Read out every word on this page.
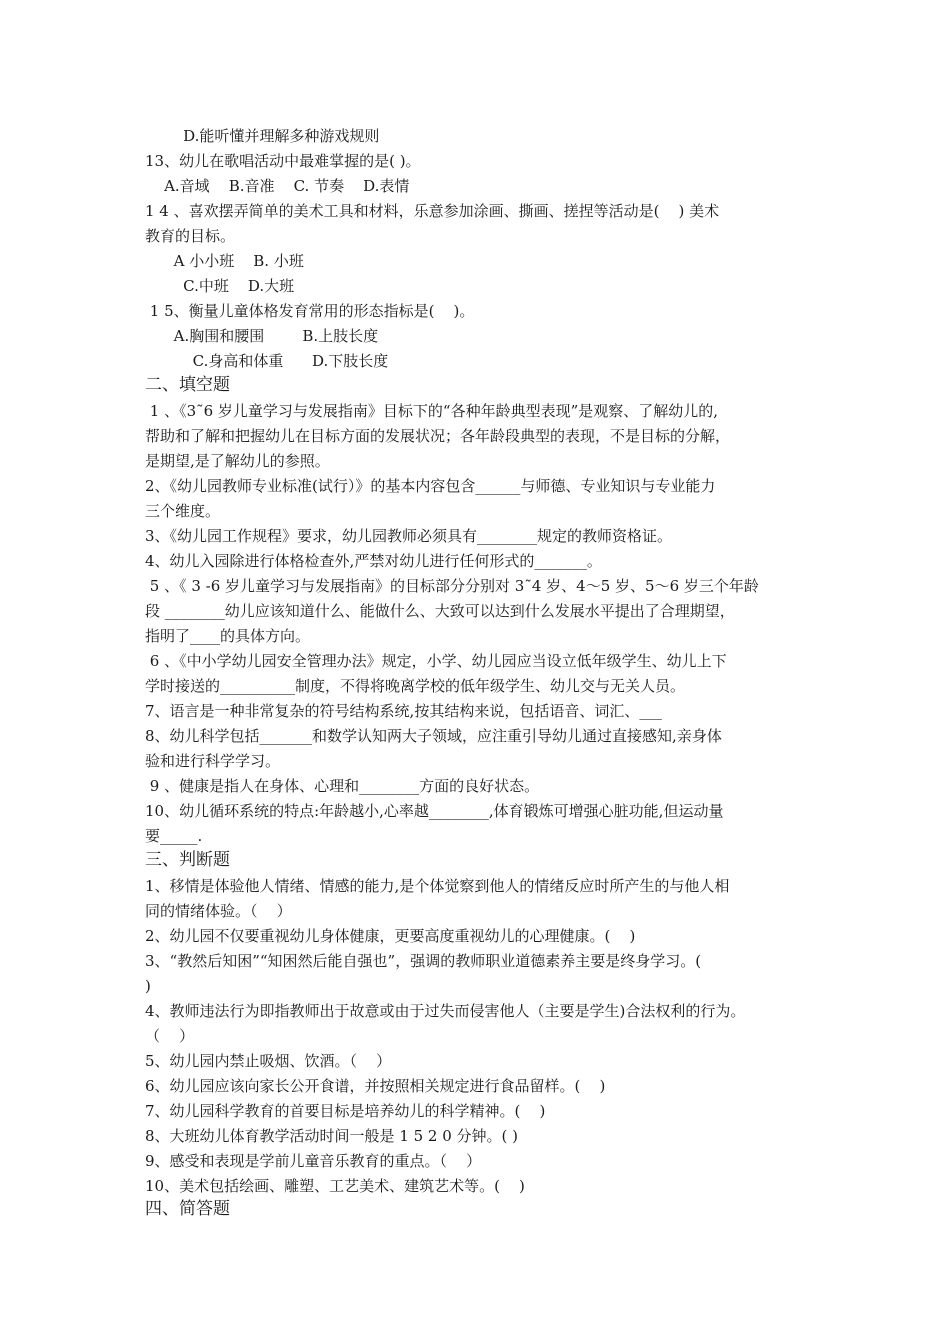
D.能听懂并理解多种游戏规则
13、幼儿在歌唱活动中最难掌握的是( )。
A.音域    B.音准    C. 节奏    D.表情
1 4 、喜欢摆弄简单的美术工具和材料，乐意参加涂画、撕画、搓捏等活动是(    ) 美术
教育的目标。
A 小小班    B. 小班
C.中班    D.大班
1 5、衡量儿童体格发育常用的形态指标是(    )。
A.胸围和腰围        B.上肢长度
C.身高和体重      D.下肢长度
二、填空题
1 、《3˜6 岁儿童学习与发展指南》目标下的“各种年龄典型表现”是观察、了解幼儿的,
帮助和了解和把握幼儿在目标方面的发展状况；各年龄段典型的表现，不是目标的分解，
是期望,是了解幼儿的参照。
2、《幼儿园教师专业标准(试行）》的基本内容包含______与师德、专业知识与专业能力
三个维度。
3、《幼儿园工作规程》要求，幼儿园教师必须具有________规定的教师资格证。
4、幼儿入园除进行体格检查外,严禁对幼儿进行任何形式的_______。
5 、《 3 -6 岁儿童学习与发展指南》的目标部分分别对 3˜4 岁、4～5 岁、5～6 岁三个年龄
段 ________幼儿应该知道什么、能做什么、大致可以达到什么发展水平提出了合理期望，
指明了____的具体方向。
6 、《中小学幼儿园安全管理办法》规定，小学、幼儿园应当设立低年级学生、幼儿上下
学时接送的__________制度，不得将晚离学校的低年级学生、幼儿交与无关人员。
7、语言是一种非常复杂的符号结构系统,按其结构来说，包括语音、词汇、___
8、幼儿科学包括_______和数学认知两大子领域，应注重引导幼儿通过直接感知,亲身体
验和进行科学学习。
9 、健康是指人在身体、心理和________方面的良好状态。
10、幼儿循环系统的特点:年龄越小,心率越________,体育锻炼可增强心脏功能,但运动量
要_____.
三、判断题
1、移情是体验他人情绪、情感的能力,是个体觉察到他人的情绪反应时所产生的与他人相
同的情绪体验。（    ）
2、幼儿园不仅要重视幼儿身体健康，更要高度重视幼儿的心理健康。(    )
3、“教然后知困”“知困然后能自强也”，强调的教师职业道德素养主要是终身学习。(
)
4、教师违法行为即指教师出于故意或由于过失而侵害他人（主要是学生)合法权利的行为。
（    ）
5、幼儿园内禁止吸烟、饮酒。（    ）
6、幼儿园应该向家长公开食谱，并按照相关规定进行食品留样。(    )
7、幼儿园科学教育的首要目标是培养幼儿的科学精神。(    )
8、大班幼儿体育教学活动时间一般是 1 5 2 0 分钟。( )
9、感受和表现是学前儿童音乐教育的重点。（    ）
10、美术包括绘画、雕塑、工艺美术、建筑艺术等。(    )
四、简答题
